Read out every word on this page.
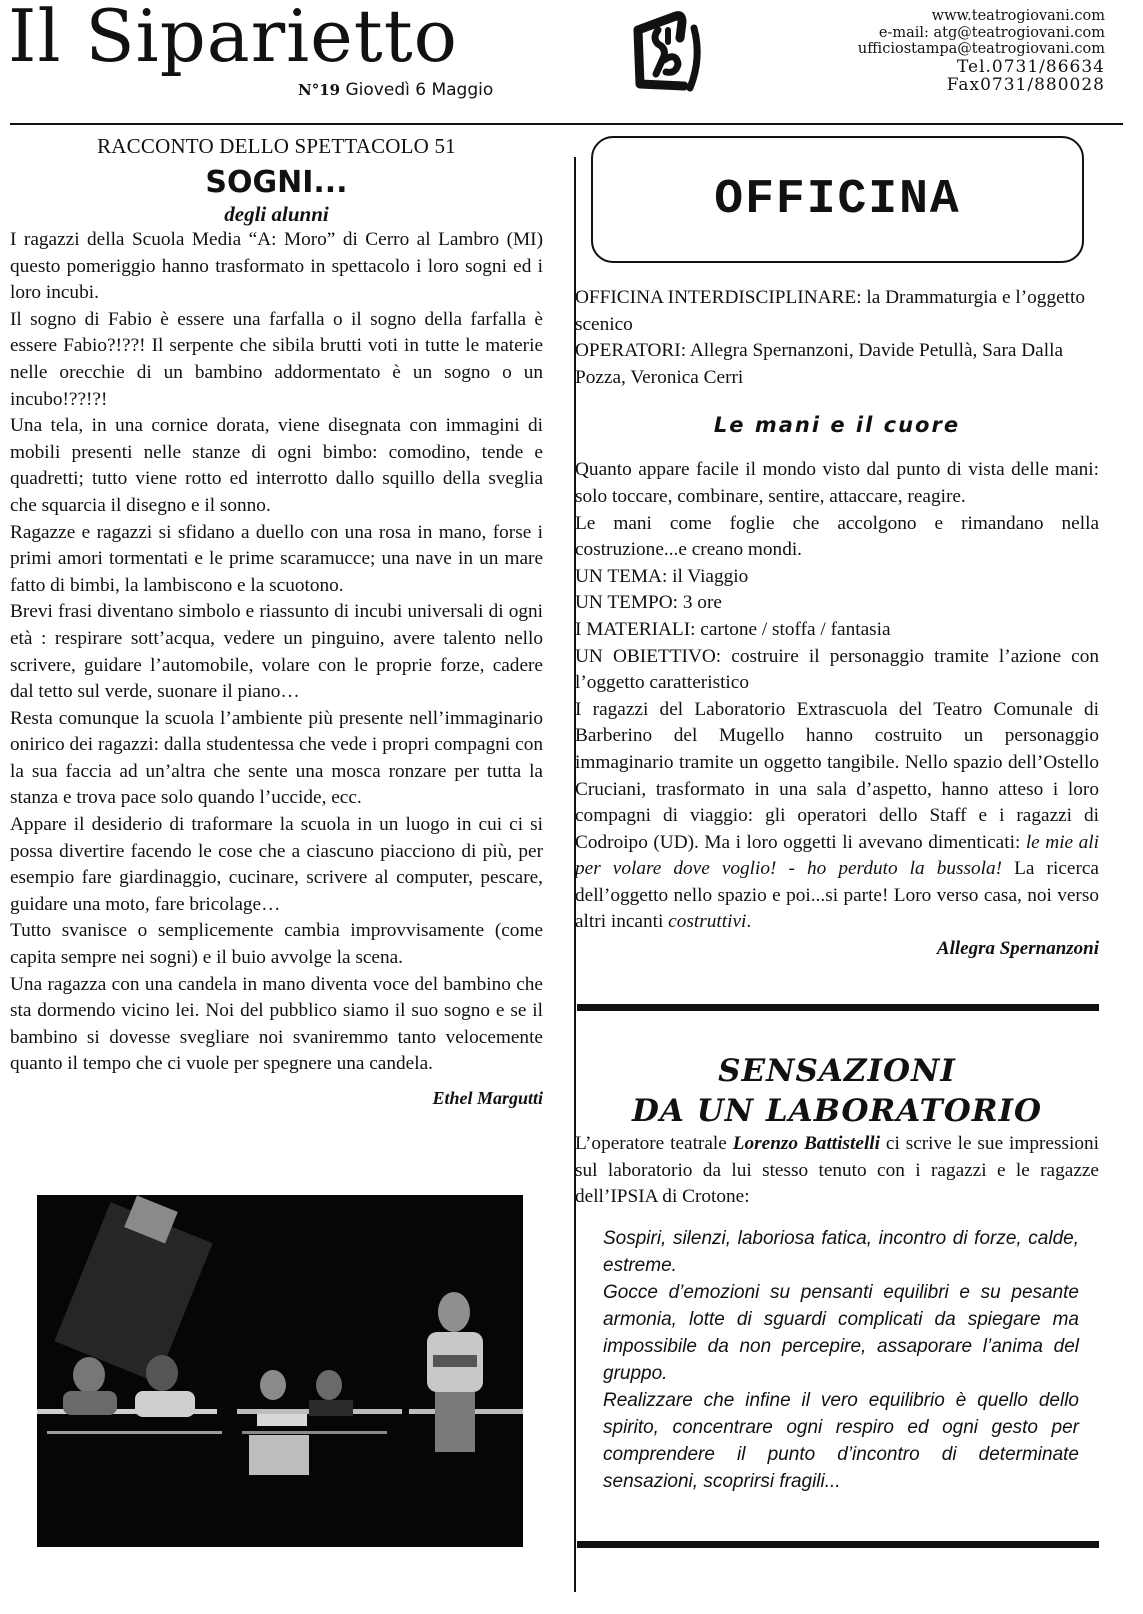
Il Siparietto
N°19 Giovedì 6 Maggio
www.teatrogiovani.com
e-mail: atg@teatrogiovani.com
ufficiostampa@teatrogiovani.com
Tel.0731/86634
Fax0731/880028
RACCONTO DELLO SPETTACOLO 51
SOGNI...
degli alunni

I ragazzi della Scuola Media “A: Moro” di Cerro al Lambro (MI) questo pomeriggio hanno trasformato in spettacolo i loro sogni ed i loro incubi.

Il sogno di Fabio è essere una farfalla o il sogno della farfalla è essere Fabio?!??! Il serpente che sibila brutti voti in tutte le materie nelle orecchie di un bambino addormentato è un sogno o un incubo!??!?!

Una tela, in una cornice dorata, viene disegnata con immagini di mobili presenti nelle stanze di ogni bimbo: comodino, tende e quadretti; tutto viene rotto ed interrotto dallo squillo della sveglia che squarcia il disegno e il sonno.

Ragazze e ragazzi si sfidano a duello con una rosa in mano, forse i primi amori tormentati e le prime scaramucce; una nave in un mare fatto di bimbi, la lambiscono e la scuotono.

Brevi frasi diventano simbolo e riassunto di incubi universali di ogni età : respirare sott’acqua, vedere un pinguino, avere talento nello scrivere, guidare l’automobile, volare con le proprie forze, cadere dal tetto sul verde, suonare il piano…

Resta comunque la scuola l’ambiente più presente nell’immaginario onirico dei ragazzi: dalla studentessa che vede i propri compagni con la sua faccia ad un’altra che sente una mosca ronzare per tutta la stanza e trova pace solo quando l’uccide, ecc.

Appare il desiderio di traformare la scuola in un luogo in cui ci si possa divertire facendo le cose che a ciascuno piacciono di più, per esempio fare giardinaggio, cucinare, scrivere al computer, pescare, guidare una moto, fare bricolage…

Tutto svanisce o semplicemente cambia improvvisamente (come capita sempre nei sogni) e il buio avvolge la scena.

Una ragazza con una candela in mano diventa voce del bambino che sta dormendo vicino lei. Noi del pubblico siamo il suo sogno e se il bambino si dovesse svegliare noi svaniremmo tanto velocemente quanto il tempo che ci vuole per spegnere una candela.

Ethel Margutti
OFFICINA

OFFICINA INTERDISCIPLINARE: la Drammaturgia e l’oggetto scenico

OPERATORI: Allegra Spernanzoni, Davide Petullà, Sara Dalla Pozza, Veronica Cerri

Le mani e il cuore

Quanto appare facile il mondo visto dal punto di vista delle mani: solo toccare, combinare, sentire, attaccare, reagire.

Le mani come foglie che accolgono e rimandano nella costruzione...e creano mondi.

UN TEMA: il Viaggio

UN TEMPO: 3 ore

I MATERIALI: cartone / stoffa / fantasia

UN OBIETTIVO: costruire il personaggio tramite l’azione con l’oggetto caratteristico

I ragazzi del Laboratorio Extrascuola del Teatro Comunale di Barberino del Mugello hanno costruito un personaggio immaginario tramite un oggetto tangibile. Nello spazio dell’Ostello Cruciani, trasformato in una sala d’aspetto, hanno atteso i loro compagni di viaggio: gli operatori dello Staff e i ragazzi di Codroipo (UD). Ma i loro oggetti li avevano dimenticati: le mie ali per volare dove voglio! - ho perduto la bussola! La ricerca dell’oggetto nello spazio e poi...si parte! Loro verso casa, noi verso altri incanti costruttivi.

Allegra Spernanzoni
SENSAZIONI
DA UN LABORATORIO

L’operatore teatrale Lorenzo Battistelli ci scrive le sue impressioni sul laboratorio da lui stesso tenuto con i ragazzi e le ragazze dell’IPSIA di Crotone:

Sospiri, silenzi, laboriosa fatica, incontro di forze, calde, estreme.

Gocce d’emozioni su pensanti equilibri e su pesante armonia, lotte di sguardi complicati da spiegare ma impossibile da non percepire, assaporare l’anima del gruppo.

Realizzare che infine il vero equilibrio è quello dello spirito, concentrare ogni respiro ed ogni gesto per comprendere il punto d’incontro di determinate sensazioni, scoprirsi fragili...
